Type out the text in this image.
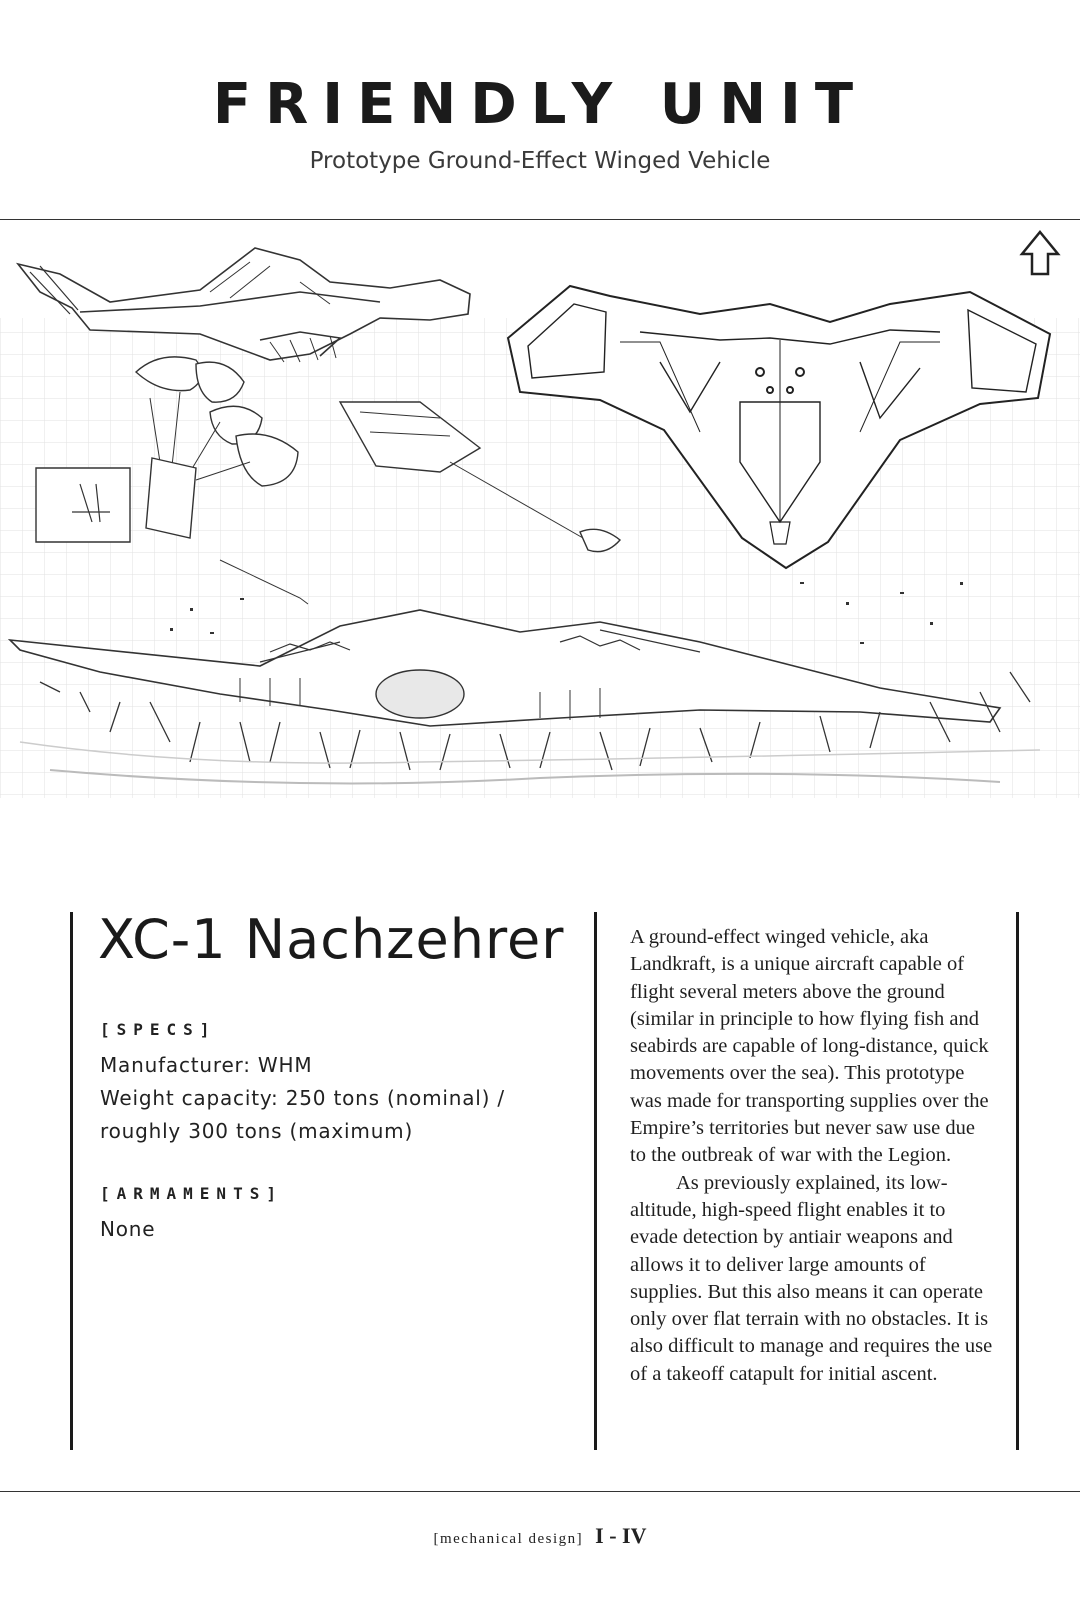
FRIENDLY UNIT
Prototype Ground-Effect Winged Vehicle
XC-1 Nachzehrer
[SPECS]
Manufacturer: WHM
Weight capacity: 250 tons (nominal) /
roughly 300 tons (maximum)
[ARMAMENTS]
None

A ground-effect winged vehicle, aka Landkraft, is a unique aircraft capable of flight several meters above the ground (similar in principle to how flying fish and seabirds are capable of long-distance, quick movements over the sea). This prototype was made for transporting supplies over the Empire’s territories but never saw use due to the outbreak of war with the Legion.

As previously explained, its low-altitude, high-speed flight enables it to evade detection by antiair weapons and allows it to deliver large amounts of supplies. But this also means it can operate only over flat terrain with no obstacles. It is also difficult to manage and requires the use of a takeoff catapult for initial ascent.

[mechanical design] I - IV
